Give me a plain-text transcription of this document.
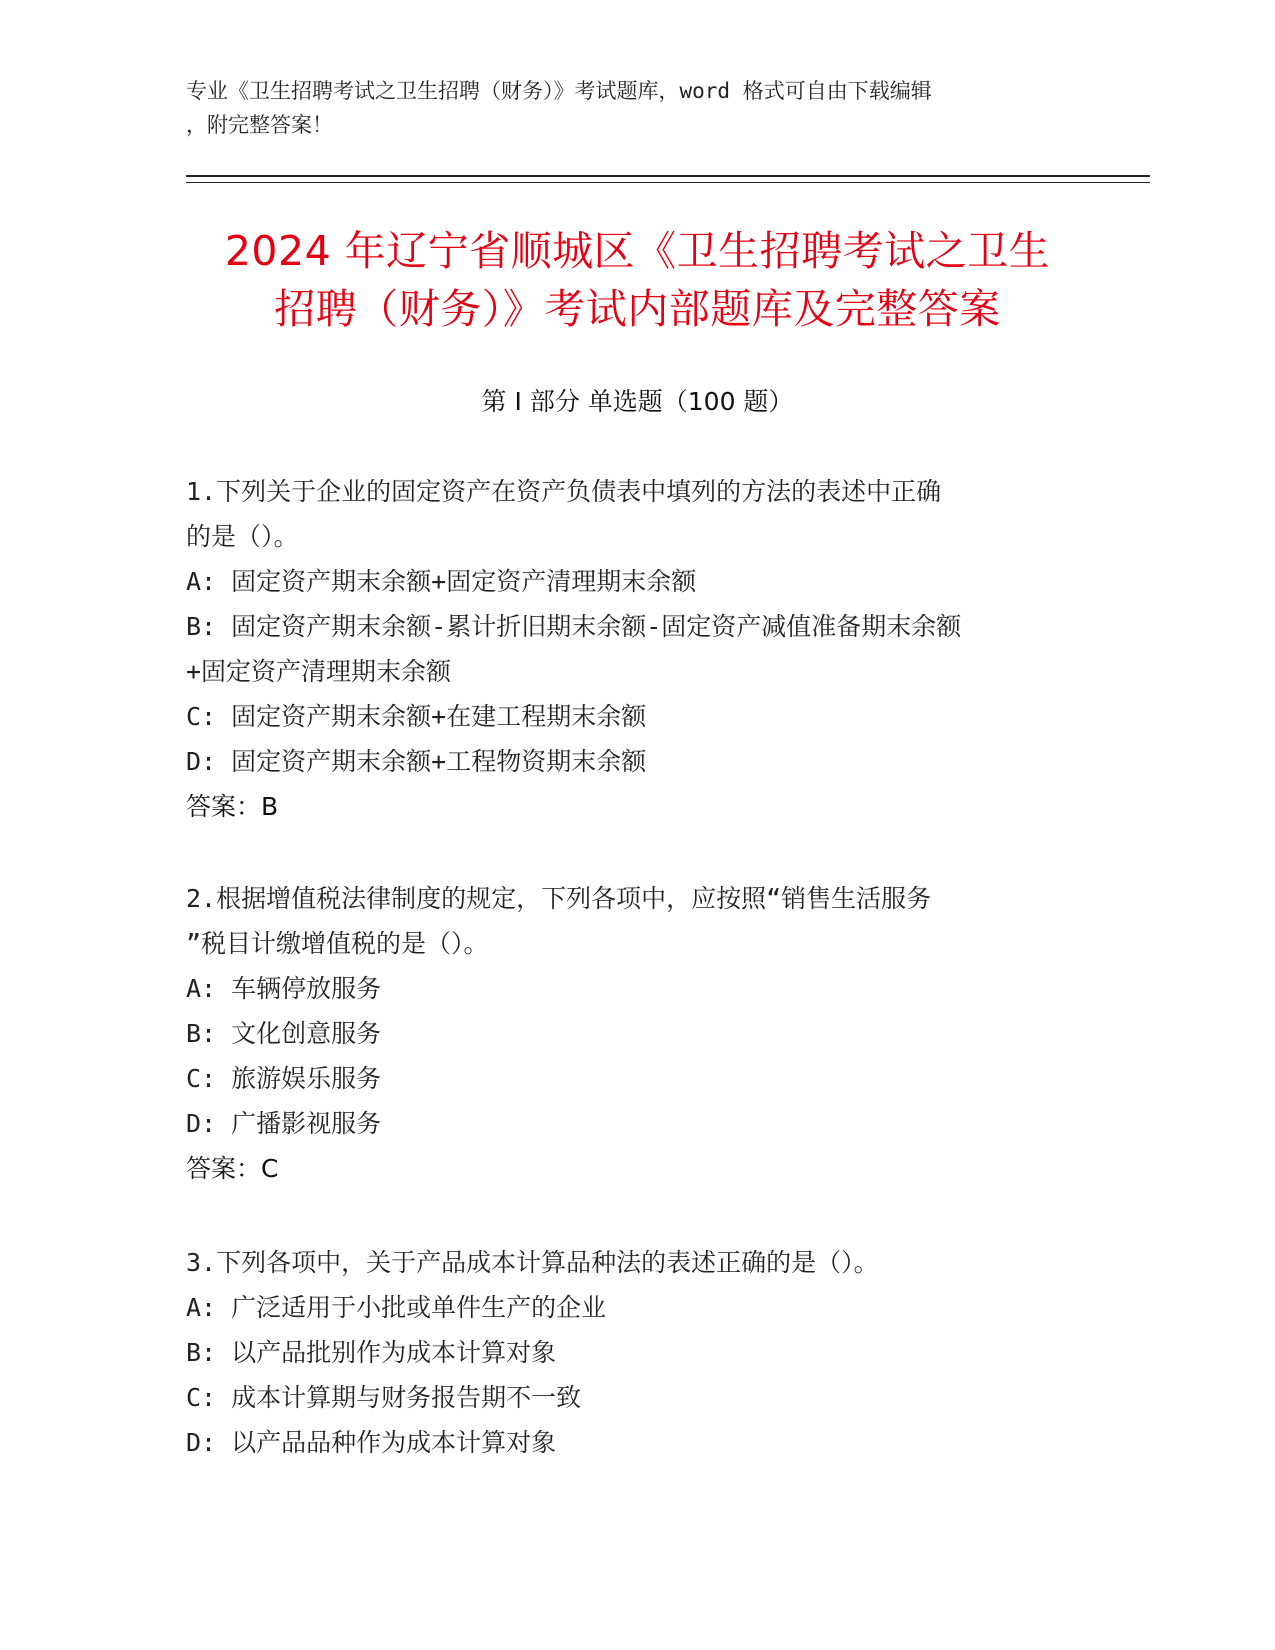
专业《卫生招聘考试之卫生招聘（财务）》考试题库，word 格式可自由下载编辑
，附完整答案！
2024 年辽宁省顺城区《卫生招聘考试之卫生
招聘（财务）》考试内部题库及完整答案
第 I 部分 单选题（100 题）
1.下列关于企业的固定资产在资产负债表中填列的方法的表述中正确
的是（）。
A: 固定资产期末余额+固定资产清理期末余额
B: 固定资产期末余额-累计折旧期末余额-固定资产减值准备期末余额
+固定资产清理期末余额
C: 固定资产期末余额+在建工程期末余额
D: 固定资产期末余额+工程物资期末余额
答案：B
2.根据增值税法律制度的规定，下列各项中，应按照“销售生活服务
”税目计缴增值税的是（）。
A: 车辆停放服务
B: 文化创意服务
C: 旅游娱乐服务
D: 广播影视服务
答案：C
3.下列各项中，关于产品成本计算品种法的表述正确的是（）。
A: 广泛适用于小批或单件生产的企业
B: 以产品批别作为成本计算对象
C: 成本计算期与财务报告期不一致
D: 以产品品种作为成本计算对象
